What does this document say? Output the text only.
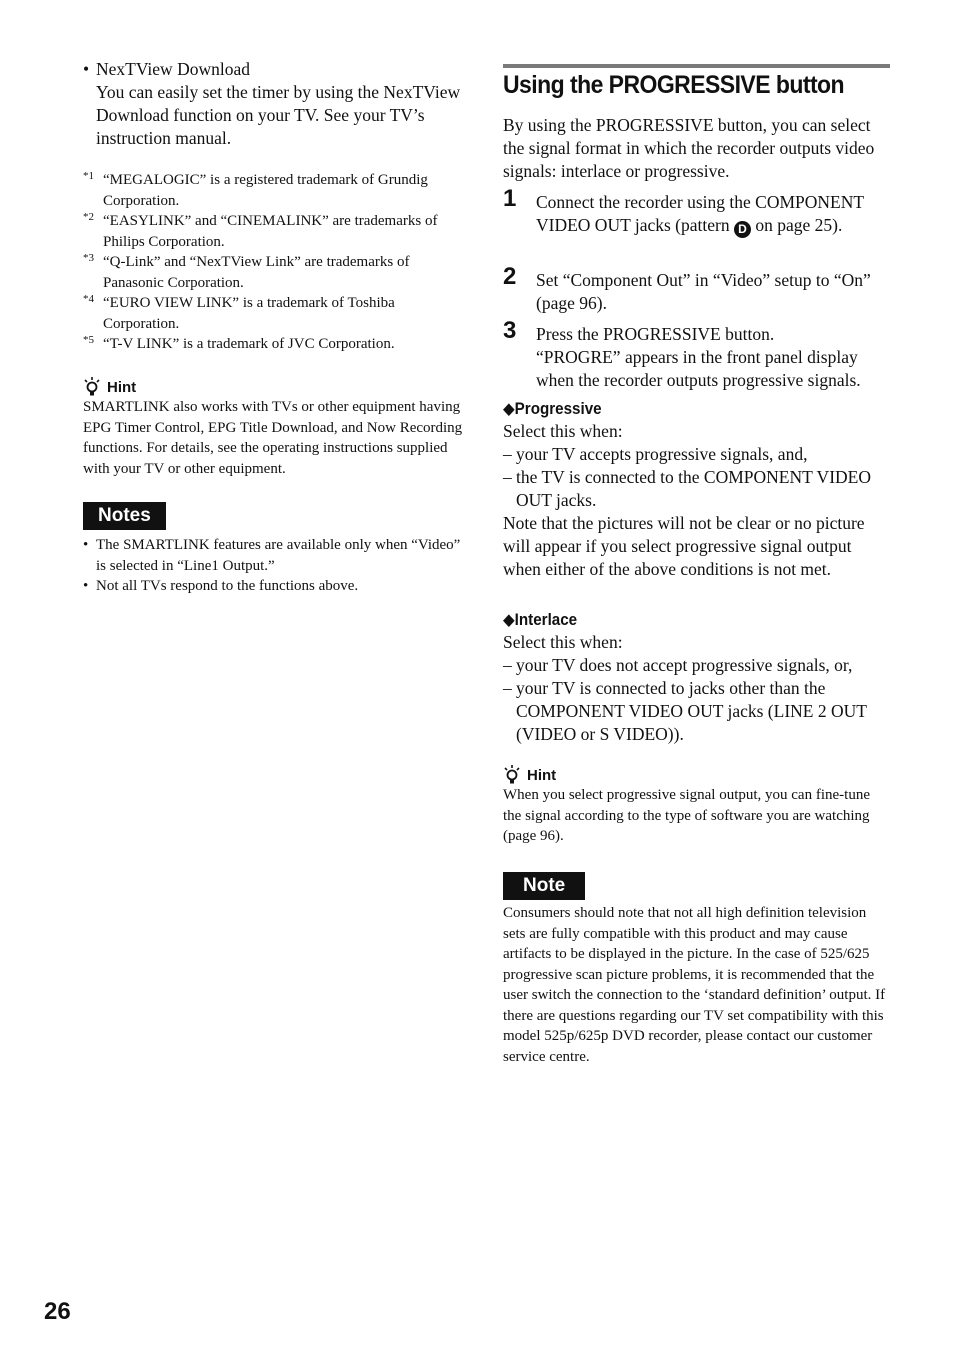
• NexTView Download
You can easily set the timer by using the NexTView Download function on your TV. See your TV’s instruction manual.
*1 “MEGALOGIC” is a registered trademark of Grundig Corporation.
*2 “EASYLINK” and “CINEMALINK” are trademarks of Philips Corporation.
*3 “Q-Link” and “NexTView Link” are trademarks of Panasonic Corporation.
*4 “EURO VIEW LINK” is a trademark of Toshiba Corporation.
*5 “T-V LINK” is a trademark of JVC Corporation.
Hint
SMARTLINK also works with TVs or other equipment having EPG Timer Control, EPG Title Download, and Now Recording functions. For details, see the operating instructions supplied with your TV or other equipment.
Notes
• The SMARTLINK features are available only when “Video” is selected in “Line1 Output.”
• Not all TVs respond to the functions above.
Using the PROGRESSIVE button
By using the PROGRESSIVE button, you can select the signal format in which the recorder outputs video signals: interlace or progressive.
1 Connect the recorder using the COMPONENT VIDEO OUT jacks (pattern D on page 25).
2 Set “Component Out” in “Video” setup to “On” (page 96).
3 Press the PROGRESSIVE button.
“PROGRE” appears in the front panel display when the recorder outputs progressive signals.
◆Progressive
Select this when:
– your TV accepts progressive signals, and,
– the TV is connected to the COMPONENT VIDEO OUT jacks.
Note that the pictures will not be clear or no picture will appear if you select progressive signal output when either of the above conditions is not met.
◆Interlace
Select this when:
– your TV does not accept progressive signals, or,
– your TV is connected to jacks other than the COMPONENT VIDEO OUT jacks (LINE 2 OUT (VIDEO or S VIDEO)).
Hint
When you select progressive signal output, you can fine-tune the signal according to the type of software you are watching (page 96).
Note
Consumers should note that not all high definition television sets are fully compatible with this product and may cause artifacts to be displayed in the picture. In the case of 525/625 progressive scan picture problems, it is recommended that the user switch the connection to the ‘standard definition’ output. If there are questions regarding our TV set compatibility with this model 525p/625p DVD recorder, please contact our customer service centre.
26
